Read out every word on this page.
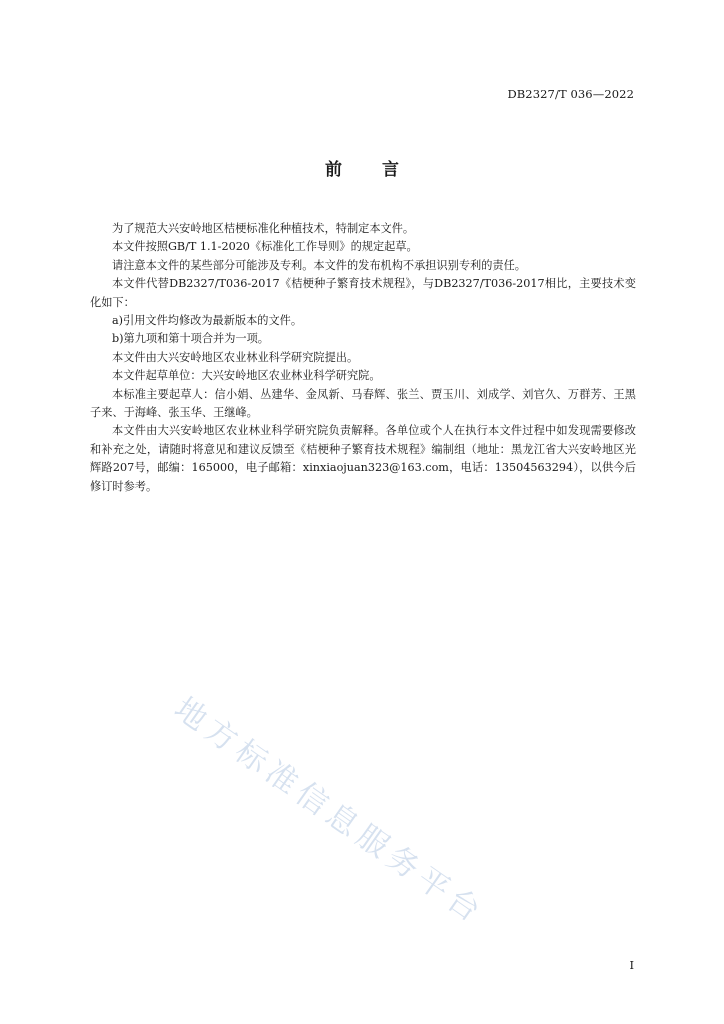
DB2327/T 036—2022
前 言

为了规范大兴安岭地区桔梗标准化种植技术，特制定本文件。

本文件按照GB/T 1.1-2020《标准化工作导则》的规定起草。

请注意本文件的某些部分可能涉及专利。本文件的发布机构不承担识别专利的责任。

本文件代替DB2327/T036-2017《桔梗种子繁育技术规程》，与DB2327/T036-2017相比，主要技术变化如下：

a)引用文件均修改为最新版本的文件。

b)第九项和第十项合并为一项。

本文件由大兴安岭地区农业林业科学研究院提出。

本文件起草单位：大兴安岭地区农业林业科学研究院。

本标准主要起草人：信小娟、丛建华、金凤新、马春辉、张兰、贾玉川、刘成学、刘官久、万群芳、王黑子来、于海峰、张玉华、王继峰。

本文件由大兴安岭地区农业林业科学研究院负责解释。各单位或个人在执行本文件过程中如发现需要修改和补充之处，请随时将意见和建议反馈至《桔梗种子繁育技术规程》编制组（地址：黑龙江省大兴安岭地区光辉路207号，邮编：165000，电子邮箱：xinxiaojuan323@163.com，电话：13504563294），以供今后修订时参考。

地方标准信息服务平台
I
